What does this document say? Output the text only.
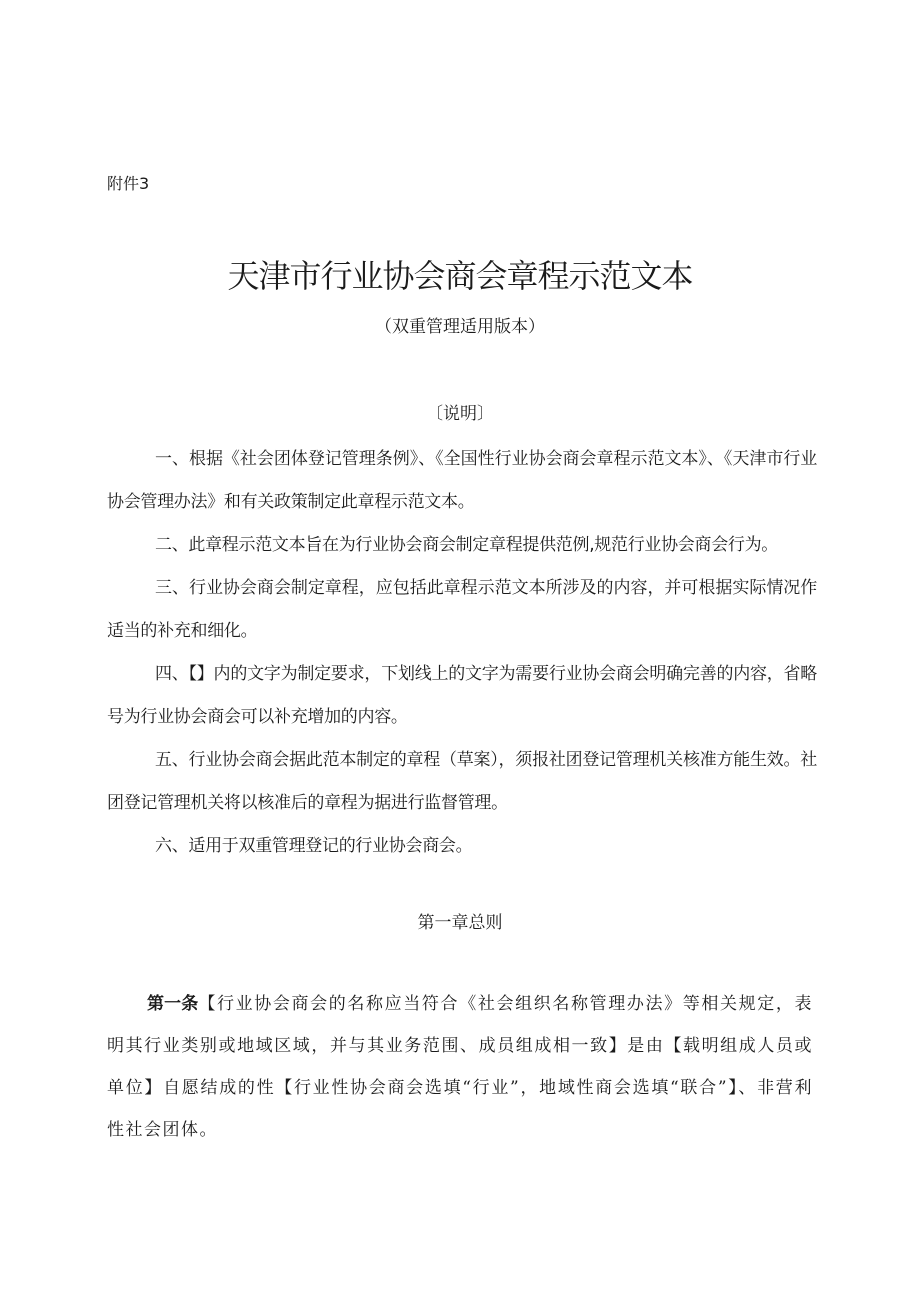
附件3
天津市行业协会商会章程示范文本
（双重管理适用版本）
〔说明〕
一、根据《社会团体登记管理条例》、《全国性行业协会商会章程示范文本》、《天津市行业协会管理办法》和有关政策制定此章程示范文本。
二、此章程示范文本旨在为行业协会商会制定章程提供范例,规范行业协会商会行为。
三、行业协会商会制定章程，应包括此章程示范文本所涉及的内容，并可根据实际情况作适当的补充和细化。
四、【】内的文字为制定要求，下划线上的文字为需要行业协会商会明确完善的内容，省略号为行业协会商会可以补充增加的内容。
五、行业协会商会据此范本制定的章程（草案），须报社团登记管理机关核准方能生效。社团登记管理机关将以核准后的章程为据进行监督管理。
六、适用于双重管理登记的行业协会商会。
第一章总则
第一条【行业协会商会的名称应当符合《社会组织名称管理办法》等相关规定，表明其行业类别或地域区域，并与其业务范围、成员组成相一致】是由【载明组成人员或单位】自愿结成的性【行业性协会商会选填“行业”，地域性商会选填“联合”】、非营利性社会团体。
